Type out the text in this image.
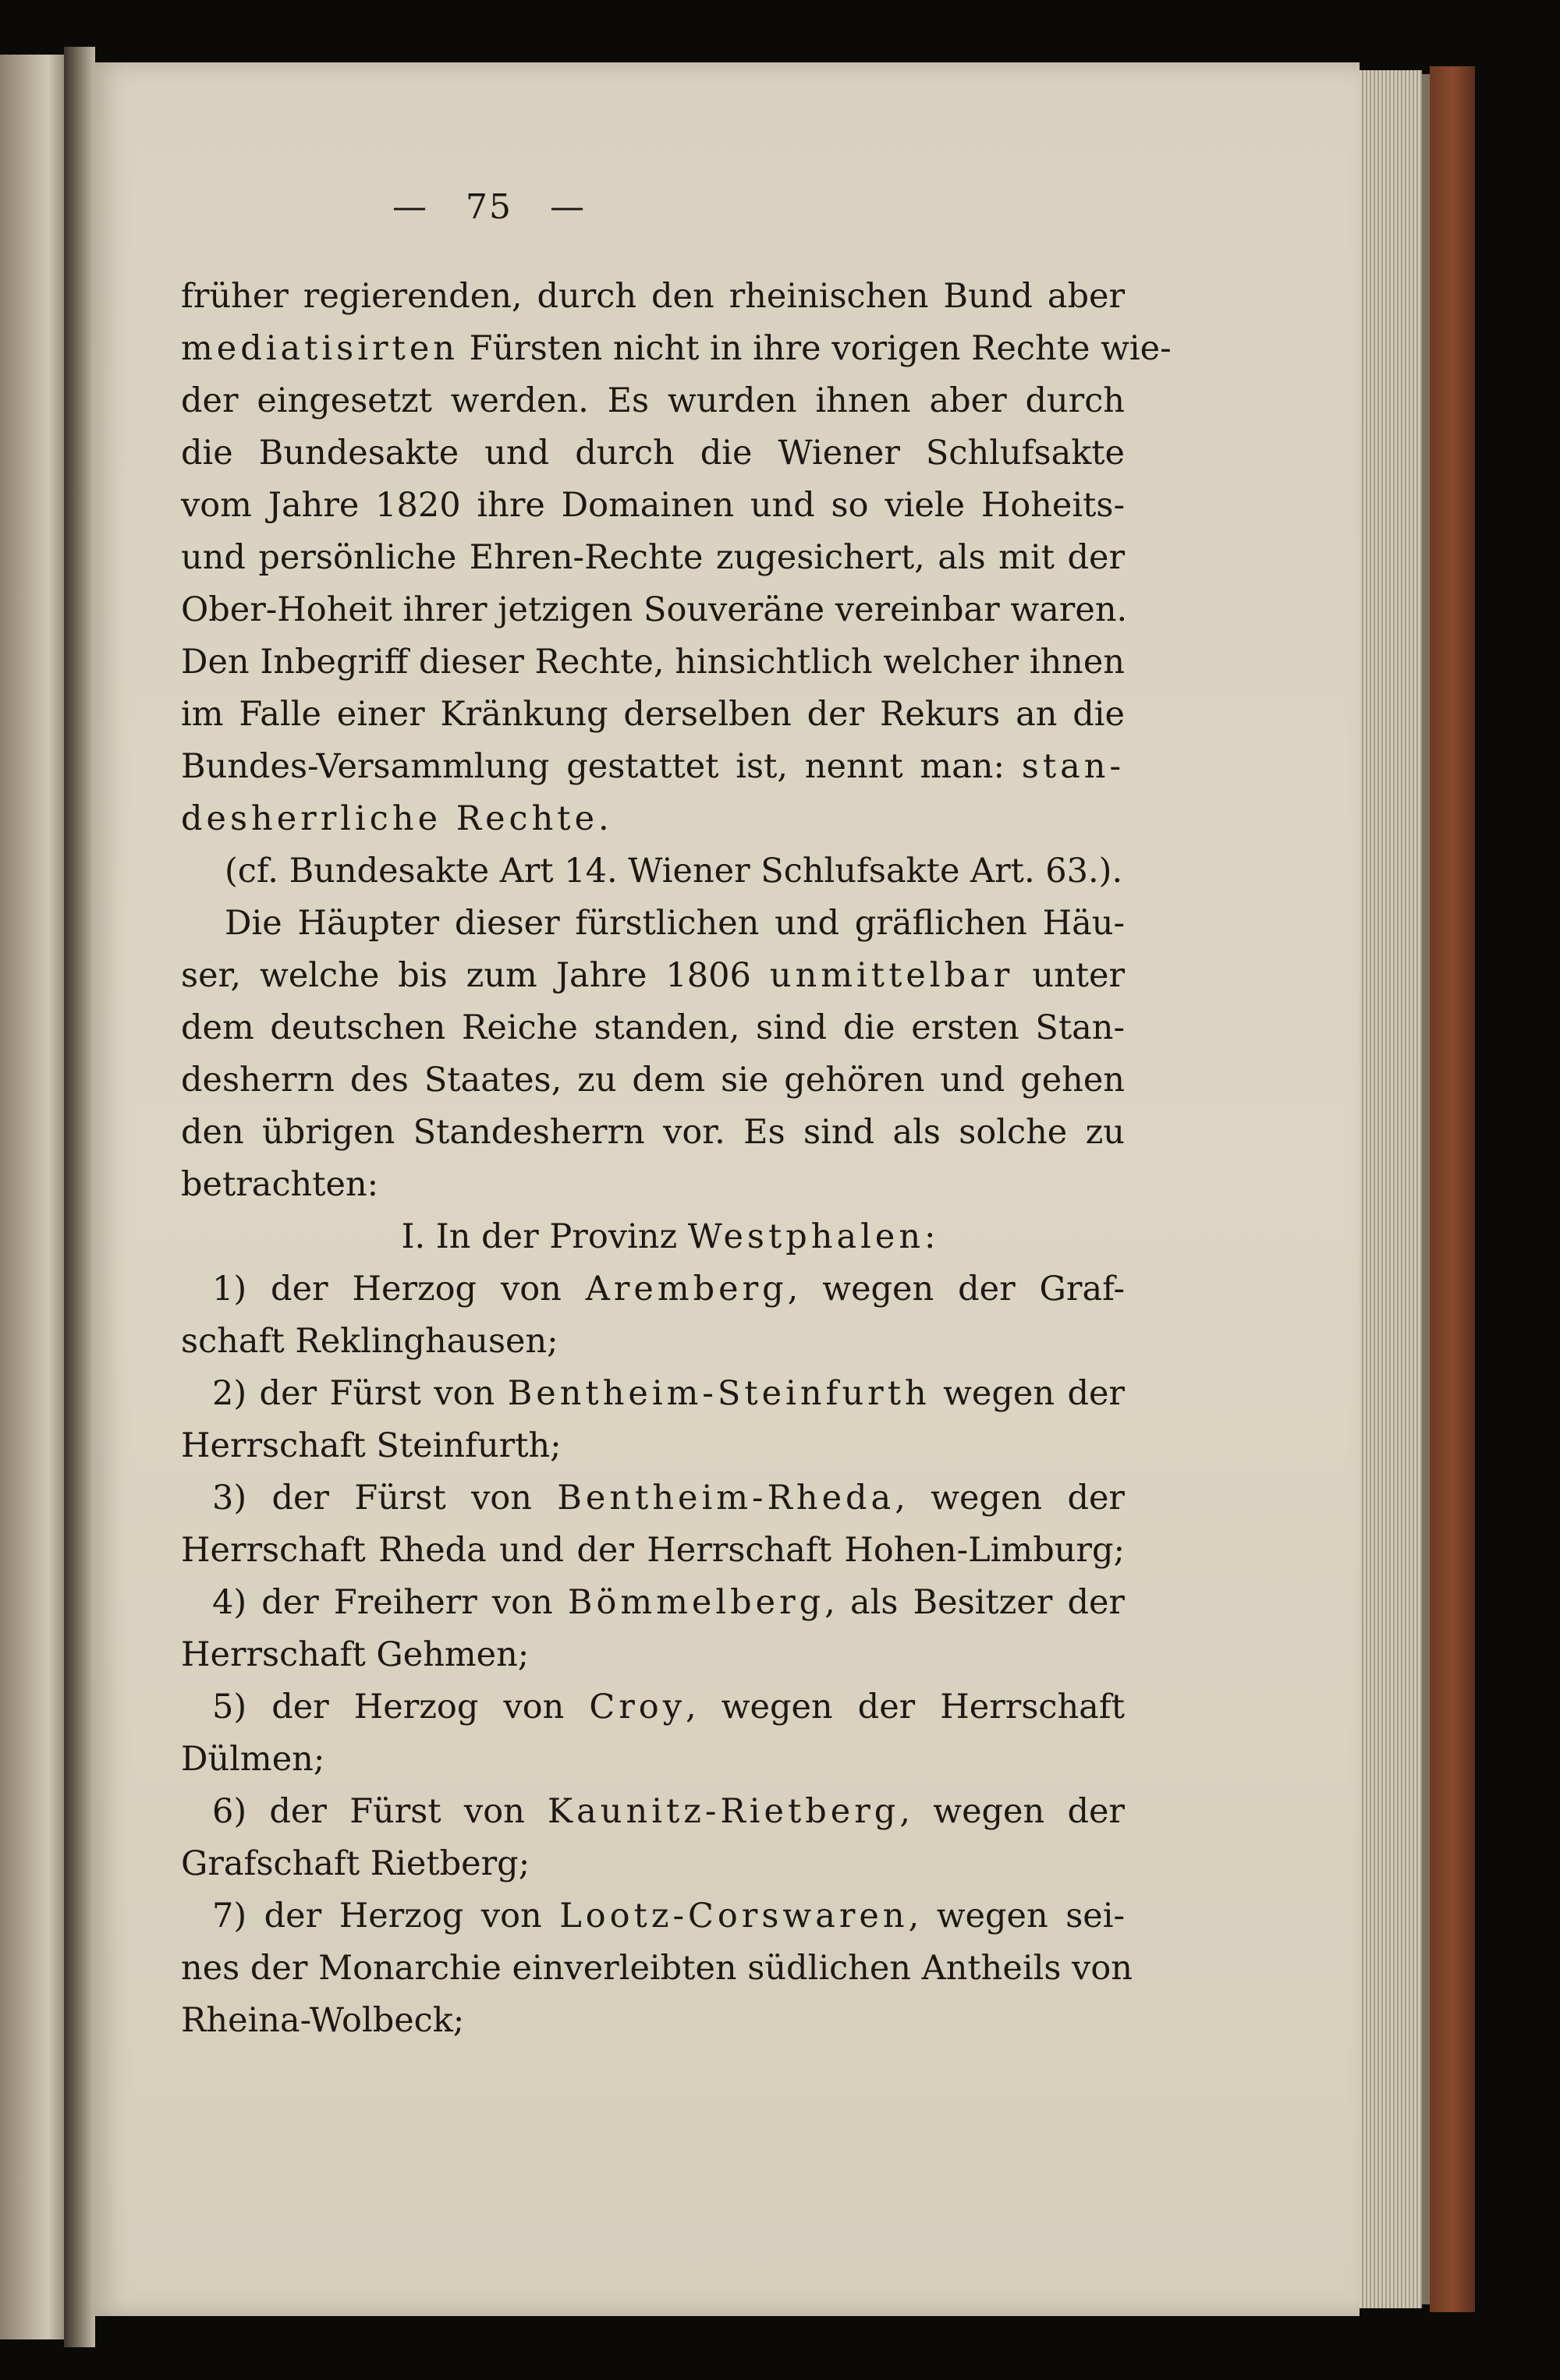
— 75 —
früher regierenden, durch den rheinischen Bund aber
mediatisirten Fürsten nicht in ihre vorigen Rechte wie-
der eingesetzt werden. Es wurden ihnen aber durch
die Bundesakte und durch die Wiener Schlufsakte
vom Jahre 1820 ihre Domainen und so viele Hoheits-
und persönliche Ehren-Rechte zugesichert, als mit der
Ober-Hoheit ihrer jetzigen Souveräne vereinbar waren.
Den Inbegriff dieser Rechte, hinsichtlich welcher ihnen
im Falle einer Kränkung derselben der Rekurs an die
Bundes-Versammlung gestattet ist, nennt man: stan-
desherrliche Rechte.
(cf. Bundesakte Art 14. Wiener Schlufsakte Art. 63.).
Die Häupter dieser fürstlichen und gräflichen Häu-
ser, welche bis zum Jahre 1806 unmittelbar unter
dem deutschen Reiche standen, sind die ersten Stan-
desherrn des Staates, zu dem sie gehören und gehen
den übrigen Standesherrn vor. Es sind als solche zu
betrachten:
I. In der Provinz Westphalen:
1) der Herzog von Aremberg, wegen der Graf-
schaft Reklinghausen;
2) der Fürst von Bentheim-Steinfurth wegen der
Herrschaft Steinfurth;
3) der Fürst von Bentheim-Rheda, wegen der
Herrschaft Rheda und der Herrschaft Hohen-Limburg;
4) der Freiherr von Bömmelberg, als Besitzer der
Herrschaft Gehmen;
5) der Herzog von Croy, wegen der Herrschaft
Dülmen;
6) der Fürst von Kaunitz-Rietberg, wegen der
Grafschaft Rietberg;
7) der Herzog von Lootz-Corswaren, wegen sei-
nes der Monarchie einverleibten südlichen Antheils von
Rheina-Wolbeck;
